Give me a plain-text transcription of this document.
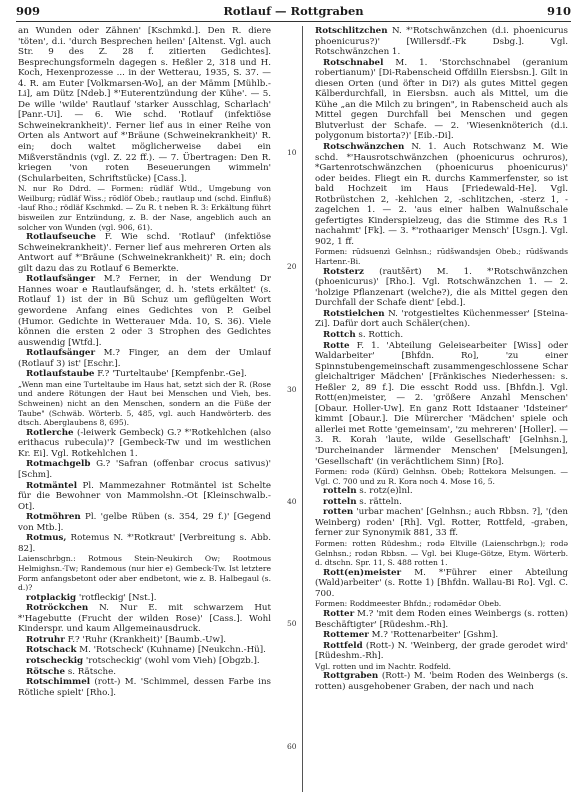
909	Rotlauf — Rottgraben	910

an Wunden oder Zähnen' [Kschmkd.]. Den R. diere 'töten', d.i. 'durch Besprechen heilen' [Altenst. Vgl. auch Str. 9 des Z. 28 f. zitierten Gedichtes]. Besprechungsformeln dagegen s. Heßler 2, 318 und H. Koch, Hexenprozesse ... in der Wetterau, 1935, S. 37. — 4. R. am Euter [Volkmarsen-Wo], an der Mämm [Mühlb.-Li], am Dütz [Ndeb.] *'Euterentzündung der Kühe'. — 5. De wille 'wilde' Rautlauf 'starker Ausschlag, Scharlach' [Panr.-Ui]. — 6. Wie schd. 'Rotlauf (infektiöse Schweinekrankheit)'. Ferner lief aus in einer Reihe von Orten als Antwort auf *'Bräune (Schweinekrankheit)' R. ein; doch waltet möglicherweise dabei ein Mißverständnis (vgl. Z. 22 ff.). — 7. Übertragen: Den R. kriegen 'von roten Beseuerungen wimmeln' (Schularbeiten, Schriftstücke) [Cass.].

N. nur Ro Ddrd. — Formen: rūdläf Wtld., Umgebung von Weilburg; rūdläf Wiss.; rōdlöf Obeb.; rautlaup und (schd. Einfluß) -lauf Rho.; rödläf Kschmkd. — Zu R. t neben R. 3: Erkältung führt bisweilen zur Entzündung, z. B. der Nase, angeblich auch an solcher von Wunden (vgl. 906, 61).

Rotlaufseuche F. Wie schd. 'Rotlauf' (infektiöse Schweinekrankheit)'. Ferner lief aus mehreren Orten als Antwort auf *'Bräune (Schweinekrankheit)' R. ein; doch gilt dazu das zu Rotlauf 6 Bemerkte.

Rotlaufsänger M.? Ferner, in der Wendung Dr Hannes woar e Rautlaufsänger, d. h. 'stets erkältet' (s. Rotlauf 1) ist der in Bü Schuz um geflügelten Wort gewordene Anfang eines Gedichtes von P. Geibel (Humor. Gedichte in Wetterauer Mda. 10, S. 36). Viele können die ersten 2 oder 3 Strophen des Gedichtes auswendig [Wtfd.].

Rotlaufsänger M.? Finger, an dem der Umlauf (Rotlauf 3) ist' [Eschr.].

Rotlaufstaube F.? 'Turteltaube' [Kempfenbr.-Ge].

„Wenn man eine Turteltaube im Haus hat, setzt sich der R. (Rose und andere Rötungen der Haut bei Menschen und Vieh, bes. Schweinen) nicht an den Menschen, sondern an die Füße der Taube" (Schwäb. Wörterb. 5, 485, vgl. auch Handwörterb. des dtsch. Aberglaubens 8, 695).

Rotlerche (-leiwerk Gembeck) G.? *'Rotkehlchen (also erithacus rubecula)'? [Gembeck-Tw und im westlichen Kr. Ei]. Vgl. Rotkehlchen 1.

Rotmachgelb G.? 'Safran (offenbar crocus sativus)' [Schm].

Rotmäntel Pl. Mammezahner Rotmäntel ist Schelte für die Bewohner von Mammolshn.-Ot [Kleinschwalb.-Ot].

Rotmöhren Pl. 'gelbe Rüben (s. 354, 29 f.)' [Gegend von Mtb.].

Rotmus, Rotemus N. *'Rotkraut' [Verbreitung s. Abb. 82].

Laienschrbgn.: Rotmous Stein-Neukirch Ow; Rootmous Helmighsn.-Tw; Randemous (nur hier e) Gembeck-Tw. Ist letztere Form anfangsbetont oder aber endbetont, wie z. B. Halbegaul (s. d.)?

rotplackig 'rotfleckig' [Nst.].

Rotröckchen N. Nur E. mit schwarzem Hut *'Hagebutte (Frucht der wilden Rose)' [Cass.]. Wohl Kinderspr. und kaum Allgemeinausdruck.

Rotruhr F.? 'Ruhr (Krankheit)' [Baumb.-Uw].

Rotschack M. 'Rotscheck' (Kuhname) [Neukchn.-Hü].

rotscheckig 'rotscheckig' (wohl vom Vieh) [Obgzb.].

Rötsche s. Rätsche.

Rotschimmel (rott-) M. 'Schimmel, dessen Farbe ins Rötliche spielt' [Rho.].

Rotschlitzchen N. *'Rotschwänzchen (d.i. phoenicurus phoenicurus?)' [Willersdf.-Fk Dsbg.]. Vgl. Rotschwänzchen 1.

Rotschnabel M. 1. 'Storchschnabel (geranium robertianum)' [Di-Rabenscheid Offdilln Eiersbsn.]. Gilt in diesen Orten (und öfter in Di?) als gutes Mittel gegen Kälberdurchfall, in Eiersbsn. auch als Mittel, um die Kühe „an die Milch zu bringen", in Rabenscheid auch als Mittel gegen Durchfall bei Menschen und gegen Blutverlust der Schafe. — 2. 'Wiesenknöterich (d.i. polygonum bistorta?)' [Eib.-Di].

Rotschwänzchen N. 1. Auch Rotschwanz M. Wie schd. *'Hausrotschwänzchen (phoenicurus ochruros), *Gartenrotschwänzchen (phoenicurus phoenicurus)' oder beides. Fliegt ein R. durchs Kammerfenster, so ist bald Hochzeit im Haus [Friedewald-He]. Vgl. Rotbrüstchen 2, -kehlchen 2, -schlitzchen, -sterz 1, -zagelchen 1. — 2. 'aus einer halben Walnußschale gefertigtes Kinderspielzeug, das die Stimme des R.s 1 nachahmt' [Fk]. — 3. *'rothaariger Mensch' [Usgn.]. Vgl. 902, 1 ff.

Formen: rūdsuenzì Gelnhsn.; rūdšwandsjen Obeb.; rūdšwands Hartenr.-Bi.

Rotsterz (rautšērt) M. 1. *'Rotschwänzchen (phoenicurus)' [Rho.]. Vgl. Rotschwänzchen 1. — 2. 'holzige Pflanzenart (welche?), die als Mittel gegen den Durchfall der Schafe dient' [ebd.].

Rotstielchen N. 'rotgestieltes Küchenmesser' [Steina-Zi]. Dafür dort auch Schäler(chen).

Rottch s. Rottich.

Rotte F. 1. 'Abteilung Geleisearbeiter [Wiss] oder Waldarbeiter' [Bhfdn. Ro], 'zu einer Spinnstubengemeinschaft zusammengeschlossene Schar gleichaltriger Mädchen' [Fränkisches Niederhessen: s. Heßler 2, 89 f.]. Die esscht Rodd uss. [Bhfdn.]. Vgl. Rott(en)meister, — 2. 'größere Anzahl Menschen' [Obaur. Holler-Uw]. En ganz Rott Idstaaner 'Idsteiner' kimmt [Obaur.]. Die Mürercher 'Mädchen' spiele och allerlei met Rotte 'gemeinsam', 'zu mehreren' [Holler]. — 3. R. Korah 'laute, wilde Gesellschaft' [Gelnhsn.], 'Durcheinander lärmender Menschen' [Melsungen], 'Gesellschaft' (in verächtlichem Sinn) [Ro].

Formen: rodə (Kūrd) Gelnhsn. Obeb; Rottekora Melsungen. — Vgl. C. 700 und zu R. Kora noch 4. Mose 16, 5.

rotteln s. rotz(e)lnl.

rotteln s. rätteln.

rotten 'urbar machen' [Gelnhsn.; auch Rbbsn. ?], '(den Weinberg) roden' [Rh]. Vgl. Rotter, Rottfeld, -graben, ferner zur Synonymik 881, 33 ff.

Formen: rotten Rüdeshm.; rodə Eltville (Laienschrbgn.); rodə Gelnhsn.; rodən Rbbsn. — Vgl. bei Kluge-Götze, Etym. Wörterb. d. dtschn. Spr. 11, S. 488 rotten 1.

Rott(en)meister M. *'Führer einer Abteilung (Wald)arbeiter' (s. Rotte 1) [Bhfdn. Wallau-Bi Ro]. Vgl. C. 700.

Formen: Roddmeester Bhfdn.; rodəmēdər Obeb.

Rotter M.? 'mit dem Roden eines Weinbergs (s. rotten) Beschäftigter' [Rüdeshm.-Rh].

Rottemer M.? 'Rottenarbeiter' [Gshm].

Rottfeld (Rott-) N. 'Weinberg, der grade gerodet wird' [Rüdeshm.-Rh].

Vgl. rotten und im Nachtr. Rodfeld.

Rottgraben (Rott-) M. 'beim Roden des Weinbergs (s. rotten) ausgehobener Graben, der nach und nach

10
20
30
40
50
60
